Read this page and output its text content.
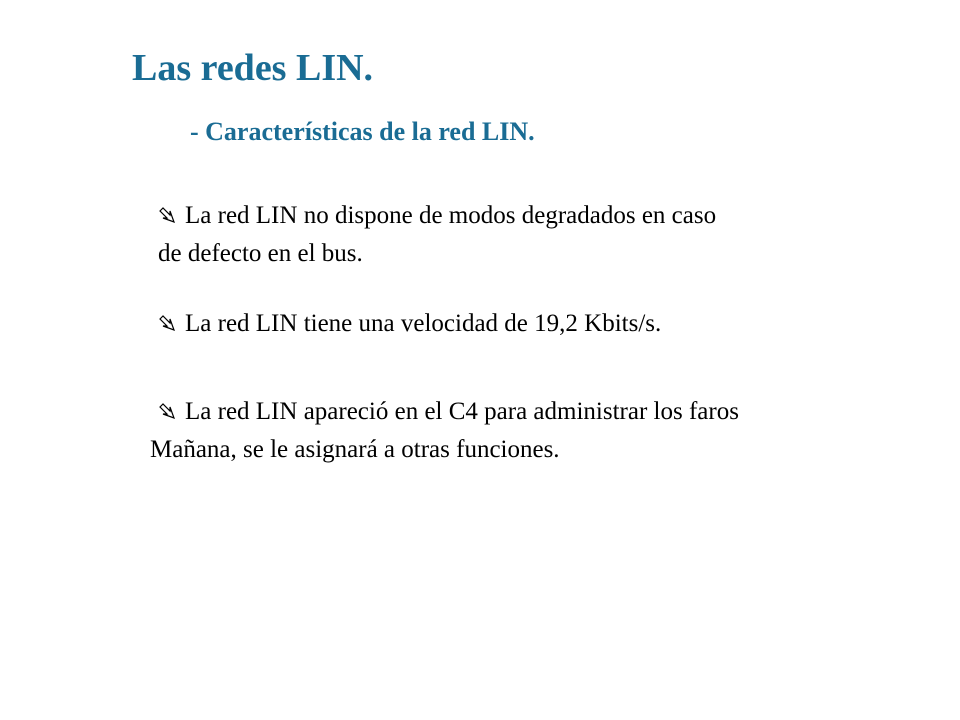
Las redes LIN.
- Características de la red LIN.

La red LIN no dispone de modos degradados en caso
de defecto en el bus.

La red LIN tiene una velocidad de 19,2 Kbits/s.

La red LIN apareció en el C4 para administrar los faros
Mañana, se le asignará a otras funciones.
